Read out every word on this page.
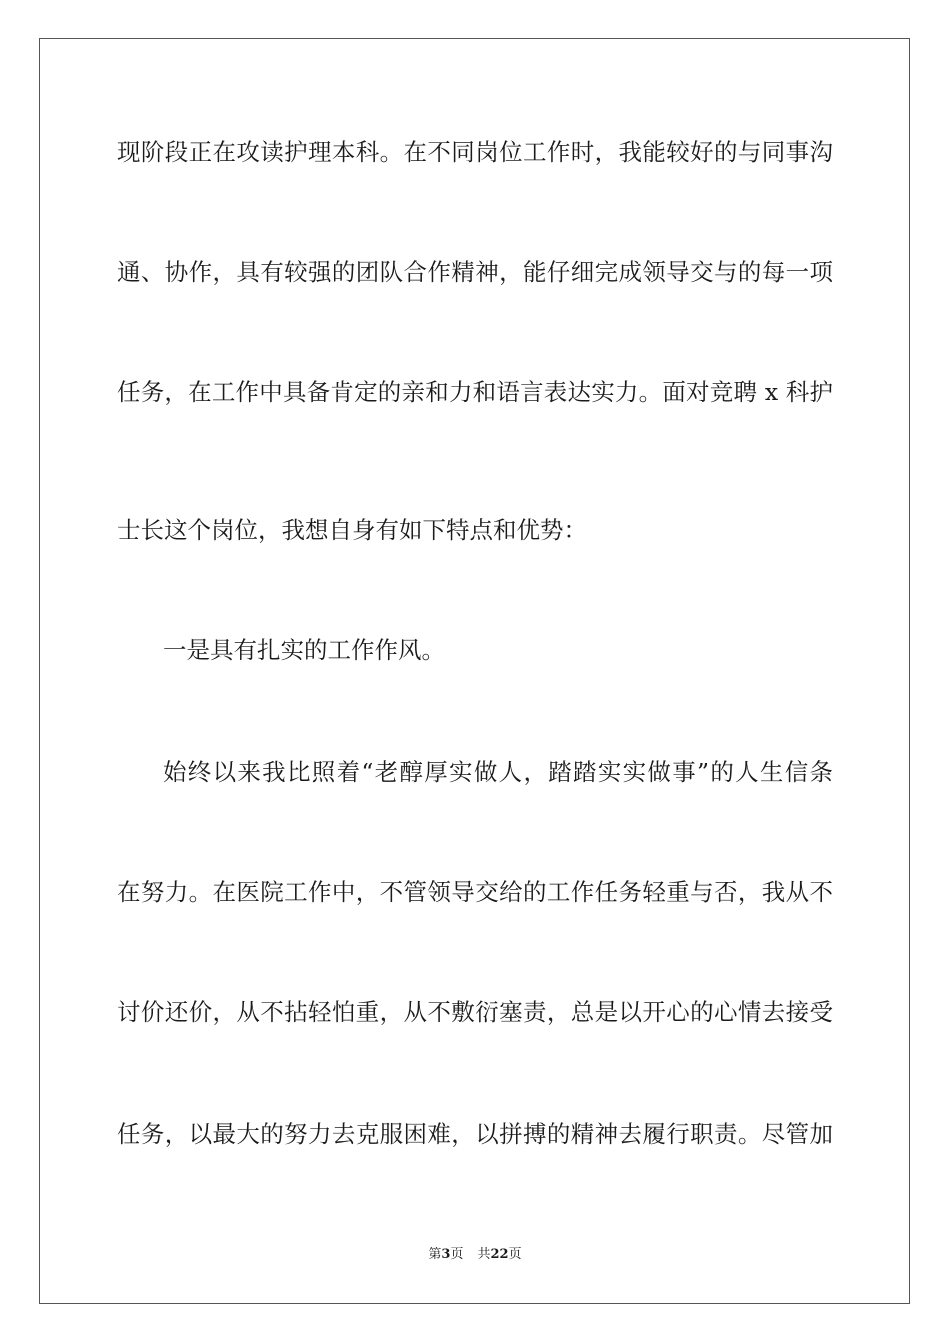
现阶段正在攻读护理本科。在不同岗位工作时，我能较好的与同事沟
通、协作，具有较强的团队合作精神，能仔细完成领导交与的每一项
任务，在工作中具备肯定的亲和力和语言表达实力。面对竞聘 x 科护
士长这个岗位，我想自身有如下特点和优势：
一是具有扎实的工作作风。
始终以来我比照着“老醇厚实做人，踏踏实实做事”的人生信条
在努力。在医院工作中，不管领导交给的工作任务轻重与否，我从不
讨价还价，从不拈轻怕重，从不敷衍塞责，总是以开心的心情去接受
任务，以最大的努力去克服困难，以拼搏的精神去履行职责。尽管加
第3页 共22页
